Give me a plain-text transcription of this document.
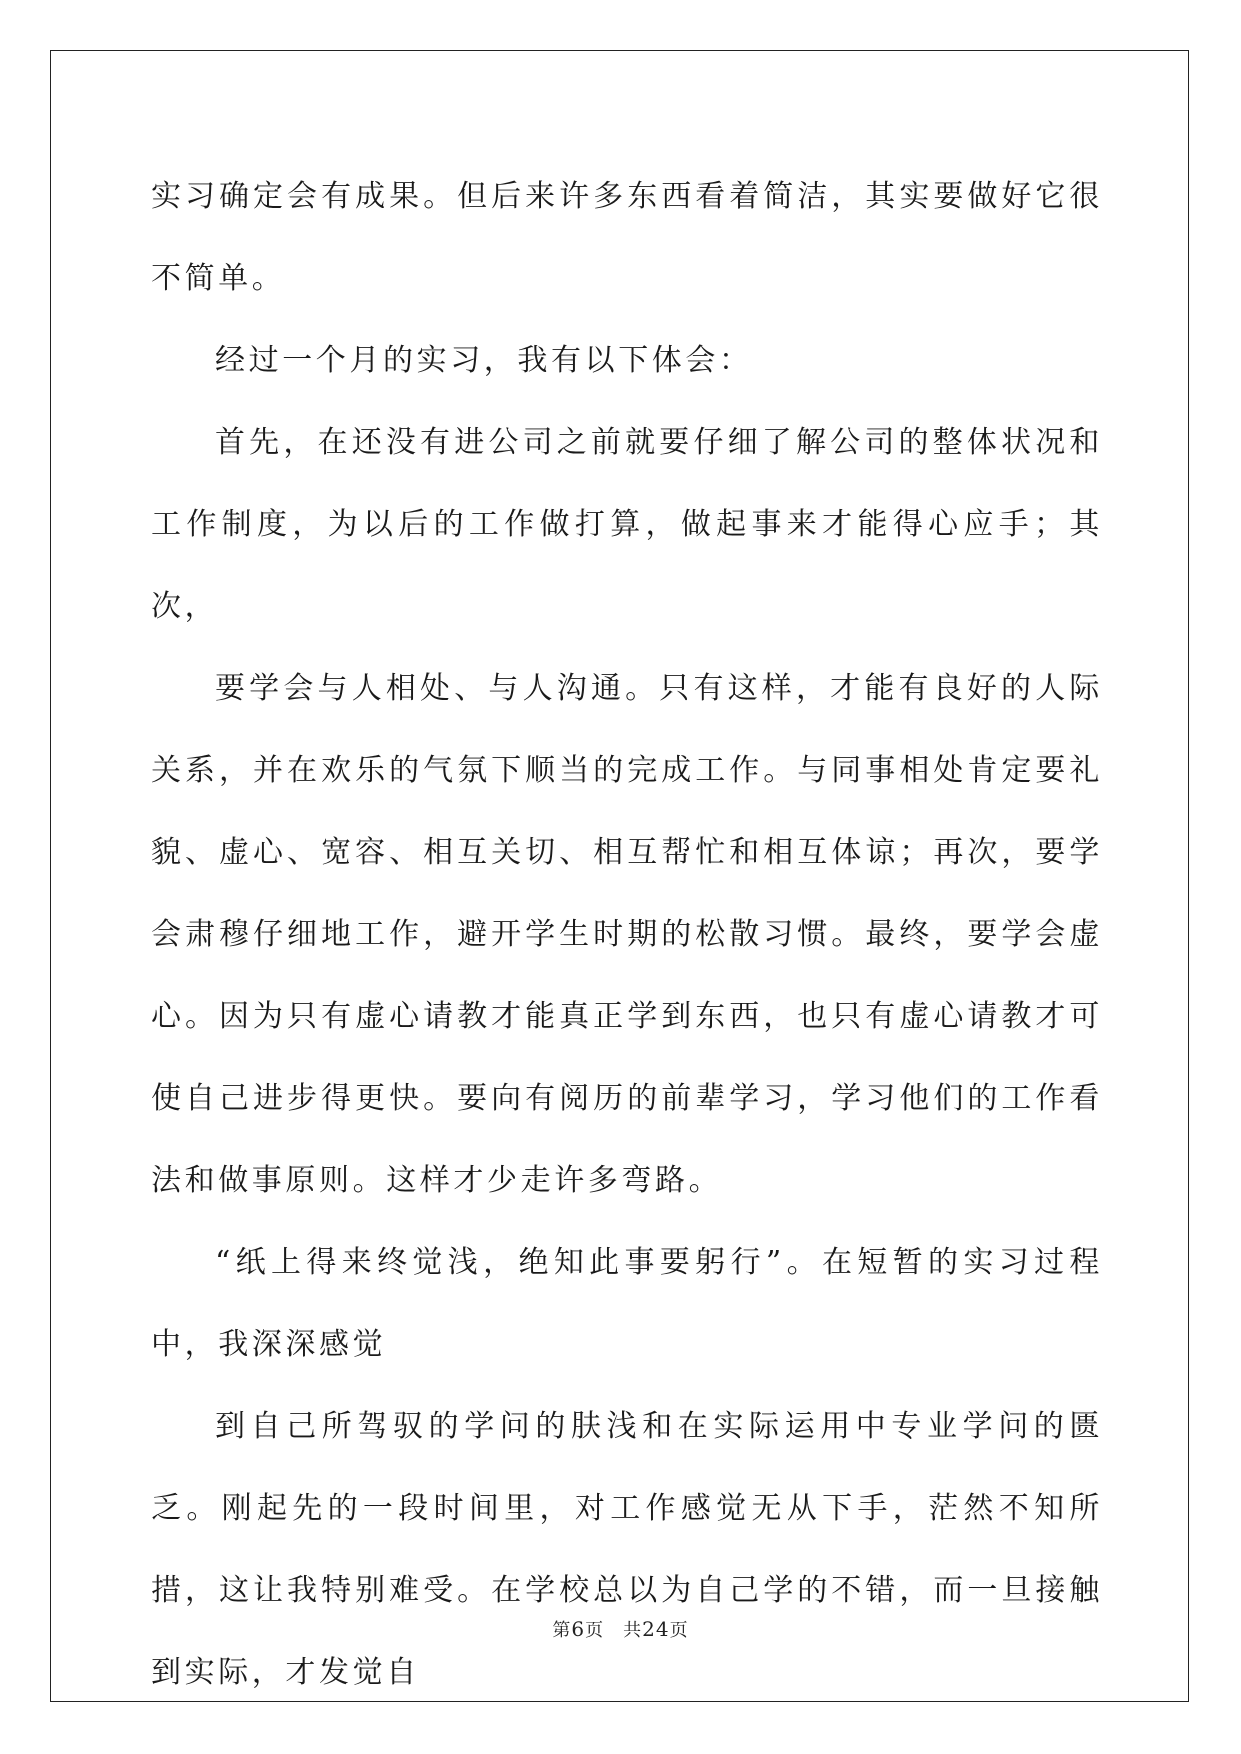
实习确定会有成果。但后来许多东西看着简洁，其实要做好它很不简单。

经过一个月的实习，我有以下体会：

首先，在还没有进公司之前就要仔细了解公司的整体状况和工作制度，为以后的工作做打算，做起事来才能得心应手；其次，

要学会与人相处、与人沟通。只有这样，才能有良好的人际关系，并在欢乐的气氛下顺当的完成工作。与同事相处肯定要礼貌、虚心、宽容、相互关切、相互帮忙和相互体谅；再次，要学会肃穆仔细地工作，避开学生时期的松散习惯。最终，要学会虚心。因为只有虚心请教才能真正学到东西，也只有虚心请教才可使自己进步得更快。要向有阅历的前辈学习，学习他们的工作看法和做事原则。这样才少走许多弯路。

“纸上得来终觉浅，绝知此事要躬行”。在短暂的实习过程中，我深深感觉

到自己所驾驭的学问的肤浅和在实际运用中专业学问的匮乏。刚起先的一段时间里，对工作感觉无从下手，茫然不知所措，这让我特别难受。在学校总以为自己学的不错，而一旦接触到实际，才发觉自

第6页　共24页
